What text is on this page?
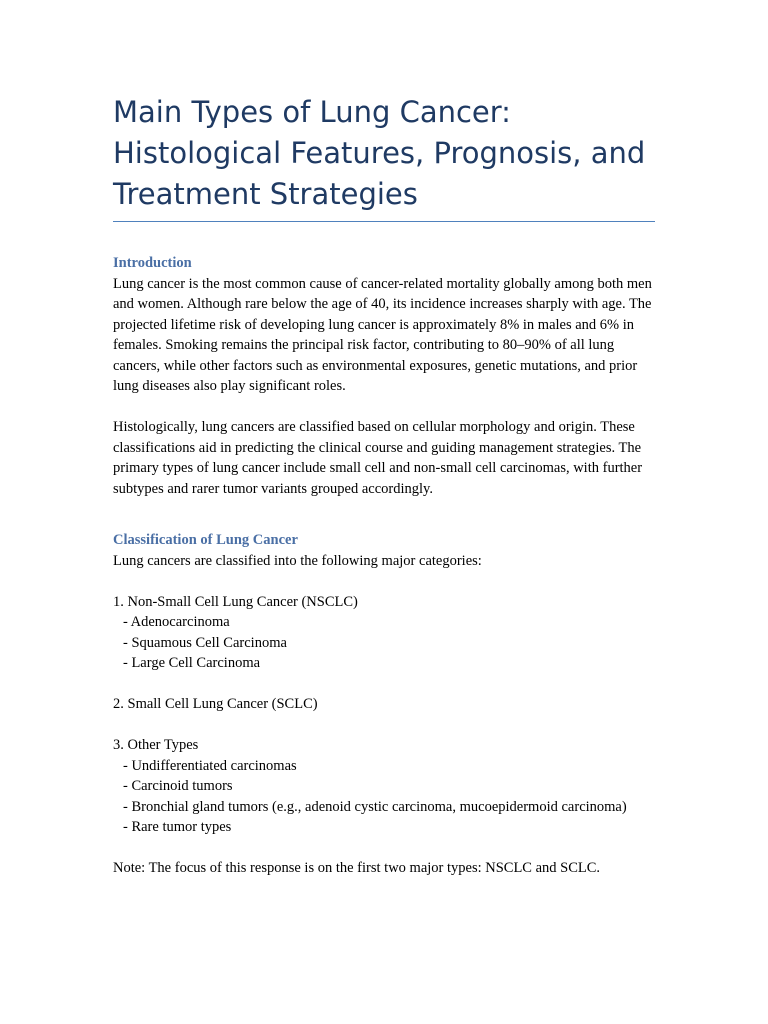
Main Types of Lung Cancer: Histological Features, Prognosis, and Treatment Strategies

Introduction

Lung cancer is the most common cause of cancer-related mortality globally among both men and women. Although rare below the age of 40, its incidence increases sharply with age. The projected lifetime risk of developing lung cancer is approximately 8% in males and 6% in females. Smoking remains the principal risk factor, contributing to 80–90% of all lung cancers, while other factors such as environmental exposures, genetic mutations, and prior lung diseases also play significant roles.

Histologically, lung cancers are classified based on cellular morphology and origin. These classifications aid in predicting the clinical course and guiding management strategies. The primary types of lung cancer include small cell and non-small cell carcinomas, with further subtypes and rarer tumor variants grouped accordingly.

Classification of Lung Cancer

Lung cancers are classified into the following major categories:

1. Non-Small Cell Lung Cancer (NSCLC)

- Adenocarcinoma

- Squamous Cell Carcinoma

- Large Cell Carcinoma

2. Small Cell Lung Cancer (SCLC)

3. Other Types

- Undifferentiated carcinomas

- Carcinoid tumors

- Bronchial gland tumors (e.g., adenoid cystic carcinoma, mucoepidermoid carcinoma)

- Rare tumor types

Note: The focus of this response is on the first two major types: NSCLC and SCLC.
